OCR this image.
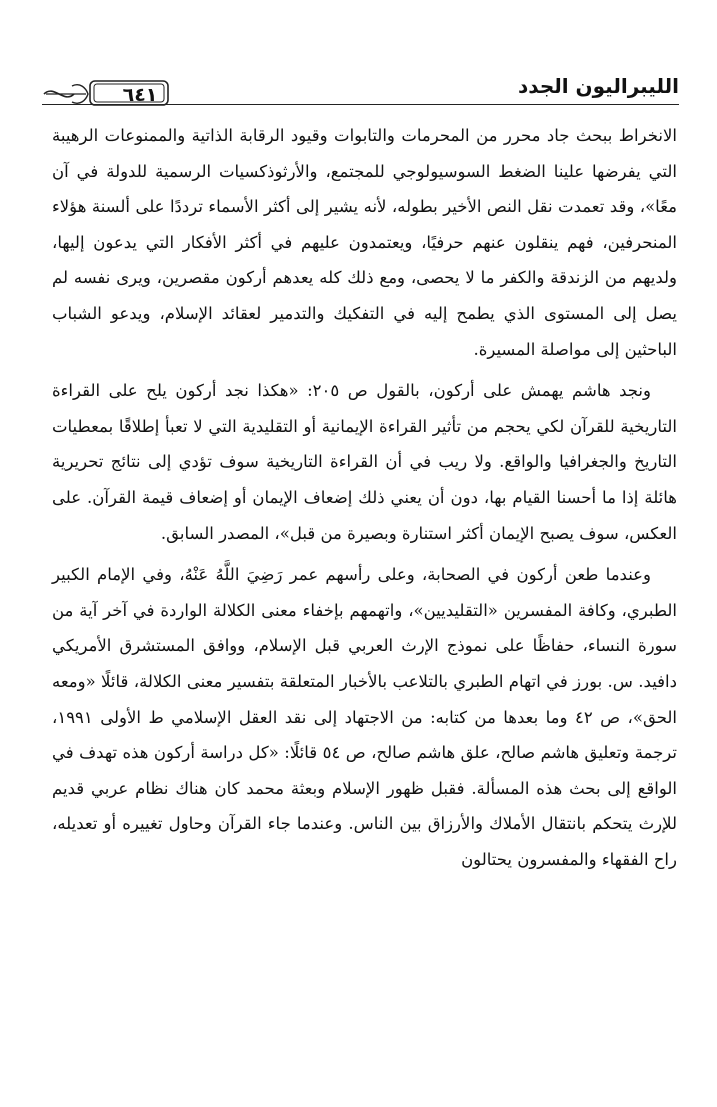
الليبراليون الجدد
٦٤١

الانخراط ببحث جاد محرر من المحرمات والتابوات وقيود الرقابة الذاتية والممنوعات الرهيبة التي يفرضها علينا الضغط السوسيولوجي للمجتمع، والأرثوذكسيات الرسمية للدولة في آن معًا»، وقد تعمدت نقل النص الأخير بطوله، لأنه يشير إلى أكثر الأسماء ترددًا على ألسنة هؤلاء المنحرفين، فهم ينقلون عنهم حرفيًا، ويعتمدون عليهم في أكثر الأفكار التي يدعون إليها، ولديهم من الزندقة والكفر ما لا يحصى، ومع ذلك كله يعدهم أركون مقصرين، ويرى نفسه لم يصل إلى المستوى الذي يطمح إليه في التفكيك والتدمير لعقائد الإسلام، ويدعو الشباب الباحثين إلى مواصلة المسيرة.

ونجد هاشم يهمش على أركون، بالقول ص ٢٠٥: «هكذا نجد أركون يلح على القراءة التاريخية للقرآن لكي يحجم من تأثير القراءة الإيمانية أو التقليدية التي لا تعبأ إطلاقًا بمعطيات التاريخ والجغرافيا والواقع. ولا ريب في أن القراءة التاريخية سوف تؤدي إلى نتائج تحريرية هائلة إذا ما أحسنا القيام بها، دون أن يعني ذلك إضعاف الإيمان أو إضعاف قيمة القرآن. على العكس، سوف يصبح الإيمان أكثر استنارة وبصيرة من قبل»، المصدر السابق.

وعندما طعن أركون في الصحابة، وعلى رأسهم عمر رَضِيَ اللَّهُ عَنْهُ، وفي الإمام الكبير الطبري، وكافة المفسرين «التقليديين»، واتهمهم بإخفاء معنى الكلالة الواردة في آخر آية من سورة النساء، حفاظًا على نموذج الإرث العربي قبل الإسلام، ووافق المستشرق الأمريكي دافيد. س. بورز في اتهام الطبري بالتلاعب بالأخبار المتعلقة بتفسير معنى الكلالة، قائلًا «ومعه الحق»، ص ٤٢ وما بعدها من كتابه: من الاجتهاد إلى نقد العقل الإسلامي ط الأولى ١٩٩١، ترجمة وتعليق هاشم صالح، علق هاشم صالح، ص ٥٤ قائلًا: «كل دراسة أركون هذه تهدف في الواقع إلى بحث هذه المسألة. فقبل ظهور الإسلام وبعثة محمد كان هناك نظام عربي قديم للإرث يتحكم بانتقال الأملاك والأرزاق بين الناس. وعندما جاء القرآن وحاول تغييره أو تعديله، راح الفقهاء والمفسرون يحتالون
